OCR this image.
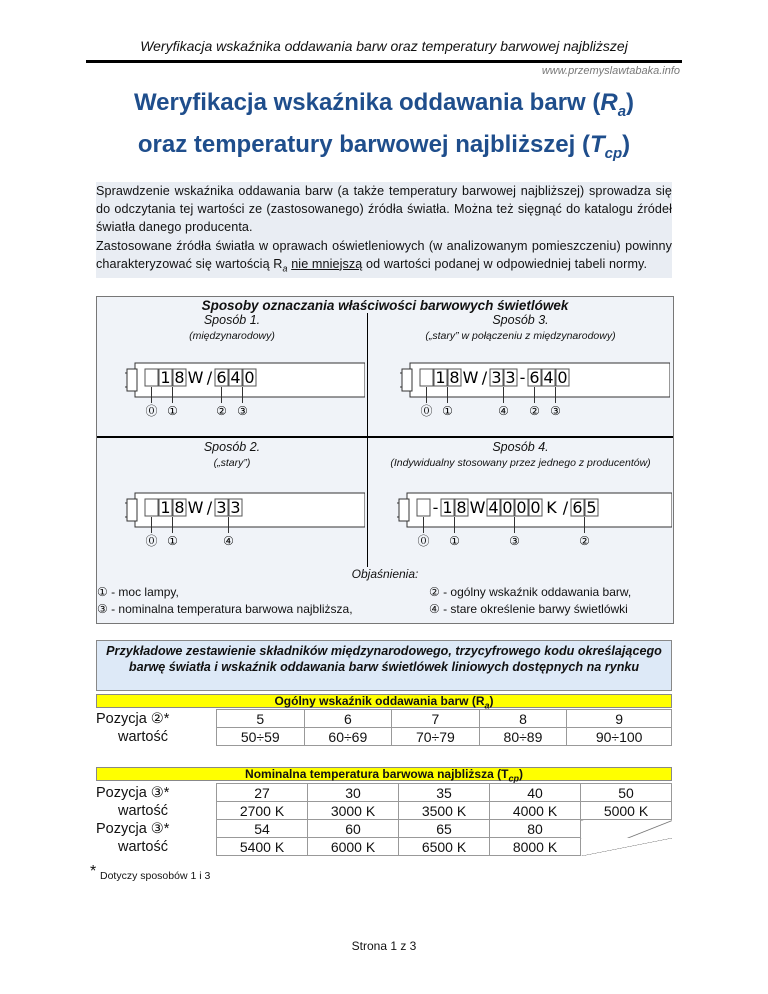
Weryfikacja wskaźnika oddawania barw oraz temperatury barwowej najbliższej
www.przemyslawtabaka.info
Weryfikacja wskaźnika oddawania barw $(R_a)$
oraz temperatury barwowej najbliższej $(T_{cp})$

Sprawdzenie wskaźnika oddawania barw (a także temperatury barwowej najbliższej) sprowadza się do odczytania tej wartości ze (zastosowanego) źródła światła. Można też sięgnąć do katalogu źródeł światła danego producenta.

Zastosowane źródła światła w oprawach oświetleniowych (w analizowanym pomieszczeniu) powinny charakteryzować się wartością $R_a$ nie mniejszą od wartości podanej w odpowiedniej tabeli normy.

Sposoby oznaczania właściwości barwowych świetlówek
Sposób 1.
(międzynarodowy)
Sposób 3.
(„stary” w połączeniu z międzynarodowy)
Sposób 2.
(„stary”)
Sposób 4.
(Indywidualny stosowany przez jednego z producentów)
1 8 W / 6 4 0
⓪ ①	② ③
1 8 W / 3 3 - 6 4 0
⓪ ①	④ ② ③
1 8 W / 3 3
⓪ ①	④
- 1 8 W 4 0 0 0 K / 6 5
⓪ ①	③	②
Objaśnienia:
① - moc lampy,
③ - nominalna temperatura barwowa najbliższa,
② - ogólny wskaźnik oddawania barw,
④ - stare określenie barwy świetlówki
Przykładowe zestawienie składników międzynarodowego, trzycyfrowego kodu określającego barwę światła i wskaźnik oddawania barw świetlówek liniowych dostępnych na rynku
Ogólny wskaźnik oddawania barw $(R_a)$
Pozycja ②*	5	6	7	8	9
wartość	50÷59	60÷69	70÷79	80÷89	90÷100
Nominalna temperatura barwowa najbliższa $(T_{cp})$
Pozycja ③*	27	30	35	40	50
wartość	2700 K	3000 K	3500 K	4000 K	5000 K
Pozycja ③*	54	60	65	80	
wartość	5400 K	6000 K	6500 K	8000 K	
* Dotyczy sposobów 1 i 3
Strona 1 z 3
